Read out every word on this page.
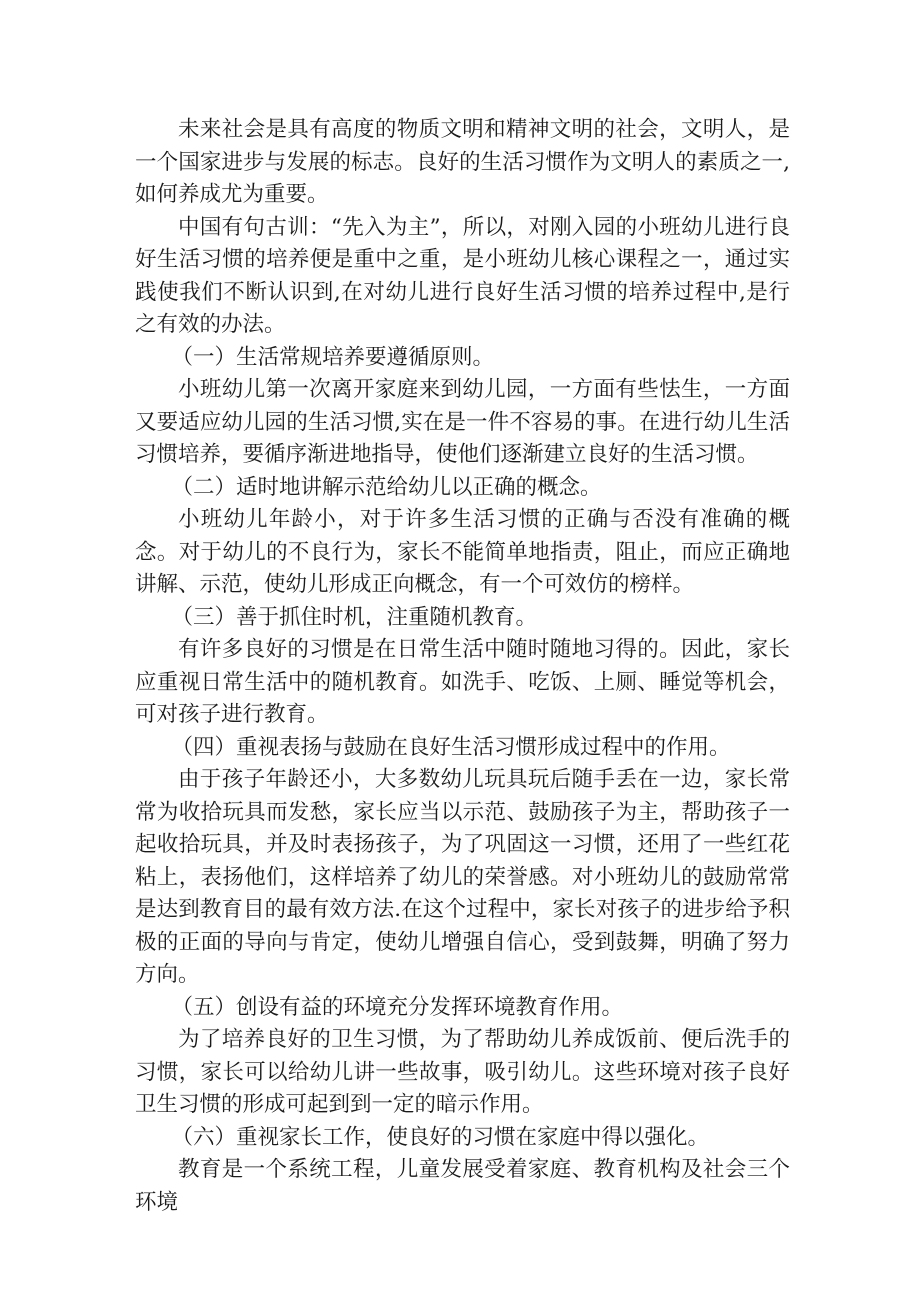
未来社会是具有高度的物质文明和精神文明的社会，文明人，是一个国家进步与发展的标志。良好的生活习惯作为文明人的素质之一,如何养成尤为重要。

中国有句古训：“先入为主”，所以，对刚入园的小班幼儿进行良好生活习惯的培养便是重中之重，是小班幼儿核心课程之一，通过实践使我们不断认识到,在对幼儿进行良好生活习惯的培养过程中,是行之有效的办法。

（一）生活常规培养要遵循原则。

小班幼儿第一次离开家庭来到幼儿园，一方面有些怯生，一方面又要适应幼儿园的生活习惯,实在是一件不容易的事。在进行幼儿生活习惯培养，要循序渐进地指导，使他们逐渐建立良好的生活习惯。

（二）适时地讲解示范给幼儿以正确的概念。

小班幼儿年龄小，对于许多生活习惯的正确与否没有准确的概念。对于幼儿的不良行为，家长不能简单地指责，阻止，而应正确地讲解、示范，使幼儿形成正向概念，有一个可效仿的榜样。

（三）善于抓住时机，注重随机教育。

有许多良好的习惯是在日常生活中随时随地习得的。因此，家长应重视日常生活中的随机教育。如洗手、吃饭、上厕、睡觉等机会，可对孩子进行教育。

（四）重视表扬与鼓励在良好生活习惯形成过程中的作用。

由于孩子年龄还小，大多数幼儿玩具玩后随手丢在一边，家长常常为收拾玩具而发愁，家长应当以示范、鼓励孩子为主，帮助孩子一起收拾玩具，并及时表扬孩子，为了巩固这一习惯，还用了一些红花粘上，表扬他们，这样培养了幼儿的荣誉感。对小班幼儿的鼓励常常是达到教育目的最有效方法.在这个过程中，家长对孩子的进步给予积极的正面的导向与肯定，使幼儿增强自信心，受到鼓舞，明确了努力方向。

（五）创设有益的环境充分发挥环境教育作用。

为了培养良好的卫生习惯，为了帮助幼儿养成饭前、便后洗手的习惯，家长可以给幼儿讲一些故事，吸引幼儿。这些环境对孩子良好卫生习惯的形成可起到到一定的暗示作用。

（六）重视家长工作，使良好的习惯在家庭中得以强化。

教育是一个系统工程，儿童发展受着家庭、教育机构及社会三个环境
